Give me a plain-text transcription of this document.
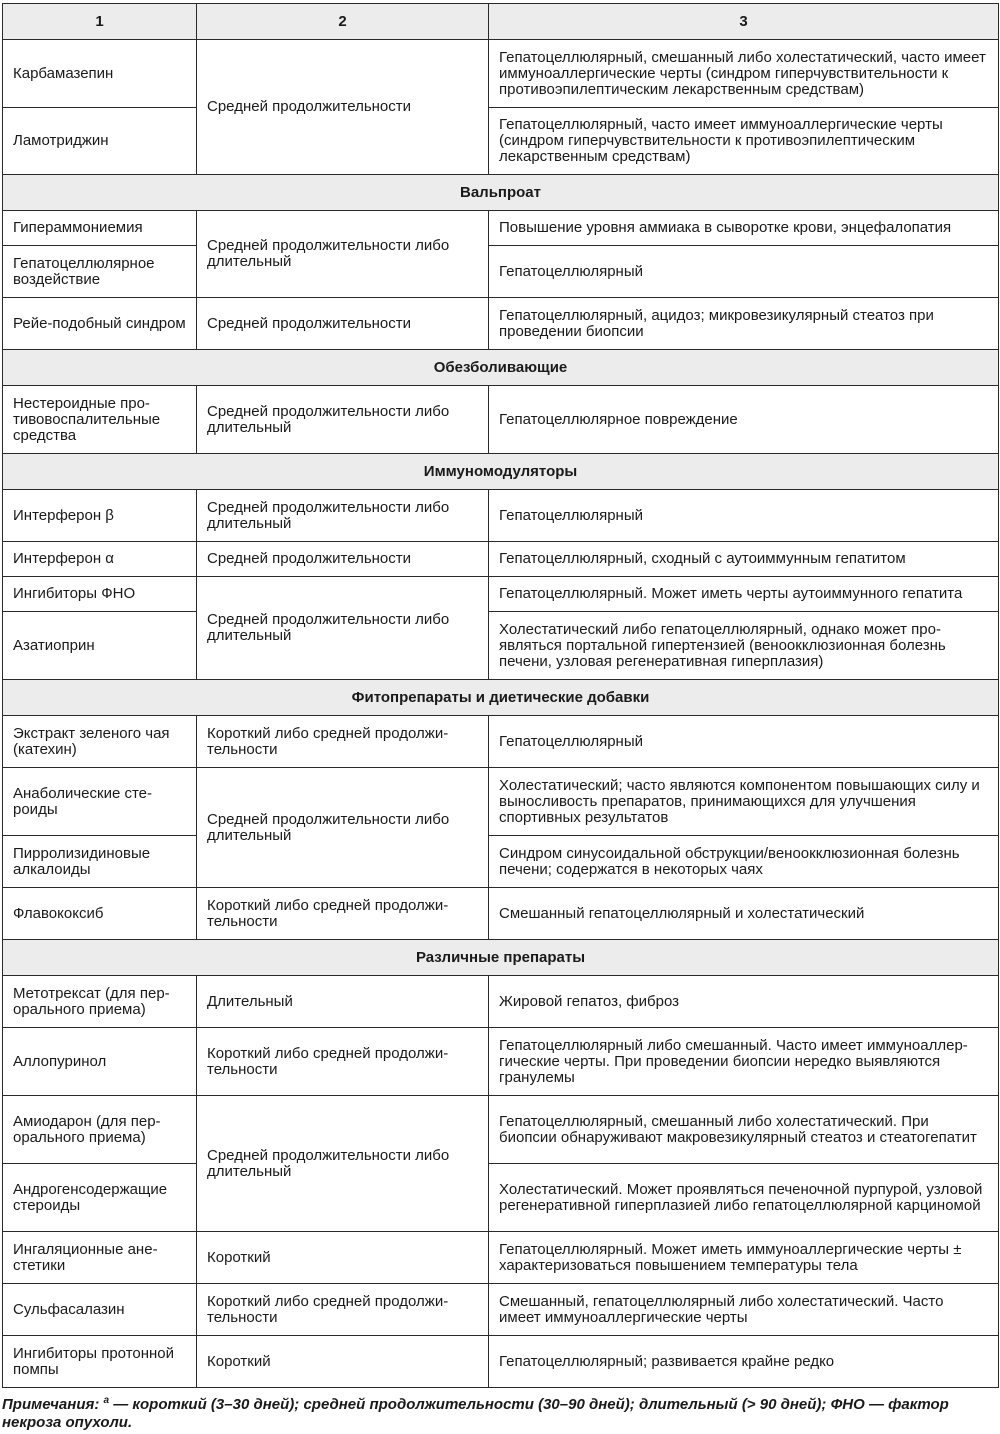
1	2	3
Карбамазепин	Средней продолжительности	Гепатоцеллюлярный, смешанный либо холестатический, часто имеет иммуноаллергические черты (синдром гиперчувствительности к противоэпилептическим лекарственным средствам)
Ламотриджин		Гепатоцеллюлярный, часто имеет иммуноаллергические черты (синдром гиперчувствительности к противоэпилептическим лекарственным средствам)
Вальпроат		
Гипераммониемия	Средней продолжительности либо длительный	Повышение уровня аммиака в сыворотке крови, энцефалопатия
Гепатоцеллюлярное воздействие		Гепатоцеллюлярный
Рейе-подобный синдром	Средней продолжительности	Гепатоцеллюлярный, ацидоз; микровезикулярный стеатоз при проведении биопсии
Обезболивающие		
Нестероидные противовоспалительные средства	Средней продолжительности либо длительный	Гепатоцеллюлярное повреждение
Иммуномодуляторы		
Интерферон β	Средней продолжительности либо длительный	Гепатоцеллюлярный
Интерферон α	Средней продолжительности	Гепатоцеллюлярный, сходный с аутоиммунным гепатитом
Ингибиторы ФНО	Средней продолжительности либо длительный	Гепатоцеллюлярный. Может иметь черты аутоиммунного гепатита
Азатиоприн		Холестатический либо гепатоцеллюлярный, однако может проявляться портальной гипертензией (веноокклюзионная болезнь печени, узловая регенеративная гиперплазия)
Фитопрепараты и диетические добавки		
Экстракт зеленого чая (катехин)	Короткий либо средней продолжительности	Гепатоцеллюлярный
Анаболические стероиды	Средней продолжительности либо длительный	Холестатический; часто являются компонентом повышающих силу и выносливость препаратов, принимающихся для улучшения спортивных результатов
Пирролизидиновые алкалоиды		Синдром синусоидальной обструкции/веноокклюзионная болезнь печени; содержатся в некоторых чаях
Флавококсиб	Короткий либо средней продолжительности	Смешанный гепатоцеллюлярный и холестатический
Различные препараты		
Метотрексат (для перорального приема)	Длительный	Жировой гепатоз, фиброз
Аллопуринол	Короткий либо средней продолжительности	Гепатоцеллюлярный либо смешанный. Часто имеет иммуноаллергические черты. При проведении биопсии нередко выявляются гранулемы
Амиодарон (для перорального приема)	Средней продолжительности либо длительный	Гепатоцеллюлярный, смешанный либо холестатический. При биопсии обнаруживают макровезикулярный стеатоз и стеатогепатит
Андрогенсодержащие стероиды		Холестатический. Может проявляться печеночной пурпурой, узловой регенеративной гиперплазией либо гепатоцеллюлярной карциномой
Ингаляционные анестетики	Короткий	Гепатоцеллюлярный. Может иметь иммуноаллергические черты ± характеризоваться повышением температуры тела
Сульфасалазин	Короткий либо средней продолжительности	Смешанный, гепатоцеллюлярный либо холестатический. Часто имеет иммуноаллергические черты
Ингибиторы протонной помпы	Короткий	Гепатоцеллюлярный; развивается крайне редко
Примечания: $^а$ — короткий (3–30 дней); средней продолжительности (30–90 дней); длительный (> 90 дней); ФНО — фактор некроза опухоли.
